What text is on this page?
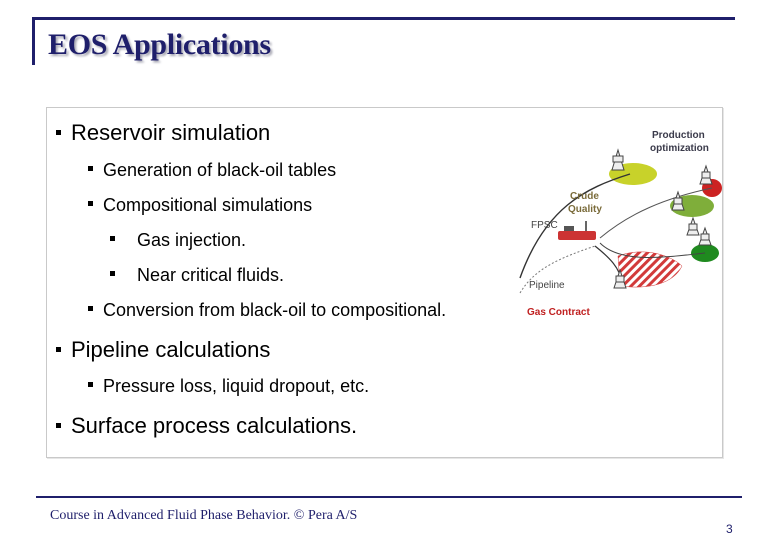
EOS Applications
Reservoir simulation
Generation of black-oil tables
Compositional simulations
Gas injection.
Near critical fluids.
Conversion from black-oil to compositional.
Pipeline calculations
Pressure loss, liquid dropout, etc.
Surface process calculations.
Production
optimization
Crude
Quality
FPSC
Pipeline
Gas Contract
Course in Advanced Fluid Phase Behavior. © Pera A/S
3
